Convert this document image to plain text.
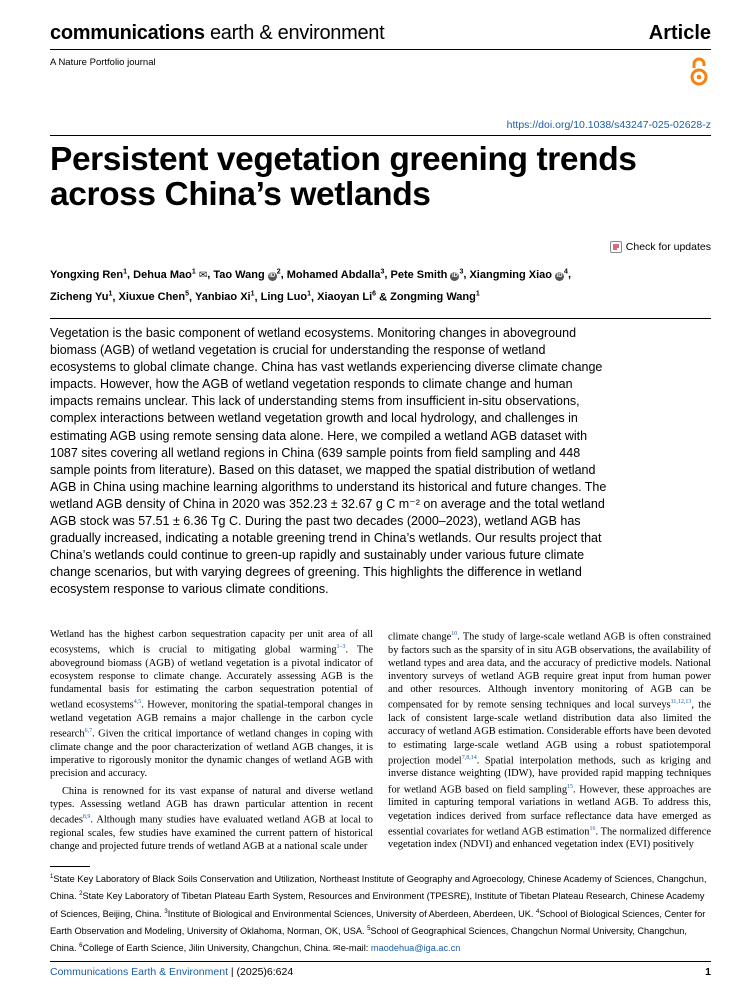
communications earth & environment	Article
A Nature Portfolio journal
https://doi.org/10.1038/s43247-025-02628-z
Persistent vegetation greening trends
across China’s wetlands
Check for updates
Yongxing Ren$^1$, Dehua Mao$^1$ ✉, Tao Wang $iD^2$, Mohamed Abdalla$^3$, Pete Smith $iD^3$, Xiangming Xiao $iD^4$,
Zicheng Yu$^1$, Xiuxue Chen$^5$, Yanbiao Xi$^1$, Ling Luo$^1$, Xiaoyan Li$^6$ & Zongming Wang$^1$

Vegetation is the basic component of wetland ecosystems. Monitoring changes in aboveground biomass (AGB) of wetland vegetation is crucial for understanding the response of wetland ecosystems to global climate change. China has vast wetlands experiencing diverse climate change impacts. However, how the AGB of wetland vegetation responds to climate change and human impacts remains unclear. This lack of understanding stems from insufficient in-situ observations, complex interactions between wetland vegetation growth and local hydrology, and challenges in estimating AGB using remote sensing data alone. Here, we compiled a wetland AGB dataset with 1087 sites covering all wetland regions in China (639 sample points from field sampling and 448 sample points from literature). Based on this dataset, we mapped the spatial distribution of wetland AGB in China using machine learning algorithms to understand its historical and future changes. The wetland AGB density of China in 2020 was 352.23 ± 32.67 g C m⁻² on average and the total wetland AGB stock was 57.51 ± 6.36 Tg C. During the past two decades (2000–2023), wetland AGB has gradually increased, indicating a notable greening trend in China’s wetlands. Our results project that China’s wetlands could continue to green-up rapidly and sustainably under various future climate change scenarios, but with varying degrees of greening. This highlights the difference in wetland ecosystem response to various climate conditions.

Wetland has the highest carbon sequestration capacity per unit area of all ecosystems, which is crucial to mitigating global warming$^{1-3}$. The aboveground biomass (AGB) of wetland vegetation is a pivotal indicator of ecosystem response to climate change. Accurately assessing AGB is the fundamental basis for estimating the carbon sequestration potential of wetland ecosystems$^{4,5}$. However, monitoring the spatial-temporal changes in wetland vegetation AGB remains a major challenge in the carbon cycle research$^{6,7}$. Given the critical importance of wetland changes in coping with climate change and the poor characterization of wetland AGB changes, it is imperative to rigorously monitor the dynamic changes of wetland AGB with precision and accuracy.

China is renowned for its vast expanse of natural and diverse wetland types. Assessing wetland AGB has drawn particular attention in recent decades$^{8,9}$. Although many studies have evaluated wetland AGB at local to regional scales, few studies have examined the current pattern of historical change and projected future trends of wetland AGB at a national scale under

climate change$^{10}$. The study of large-scale wetland AGB is often constrained by factors such as the sparsity of in situ AGB observations, the availability of wetland types and area data, and the accuracy of predictive models. National inventory surveys of wetland AGB require great input from human power and other resources. Although inventory monitoring of AGB can be compensated for by remote sensing techniques and local surveys$^{11,12,13}$, the lack of consistent large-scale wetland distribution data also limited the accuracy of wetland AGB estimation. Considerable efforts have been devoted to estimating large-scale wetland AGB using a robust spatiotemporal projection model$^{7,8,14}$. Spatial interpolation methods, such as kriging and inverse distance weighting (IDW), have provided rapid mapping techniques for wetland AGB based on field sampling$^{15}$. However, these approaches are limited in capturing temporal variations in wetland AGB. To address this, vegetation indices derived from surface reflectance data have emerged as essential covariates for wetland AGB estimation$^{16}$. The normalized difference vegetation index (NDVI) and enhanced vegetation index (EVI) positively

$^1$State Key Laboratory of Black Soils Conservation and Utilization, Northeast Institute of Geography and Agroecology, Chinese Academy of Sciences, Changchun, China. $^2$State Key Laboratory of Tibetan Plateau Earth System, Resources and Environment (TPESRE), Institute of Tibetan Plateau Research, Chinese Academy of Sciences, Beijing, China. $^3$Institute of Biological and Environmental Sciences, University of Aberdeen, Aberdeen, UK. $^4$School of Biological Sciences, Center for Earth Observation and Modeling, University of Oklahoma, Norman, OK, USA. $^5$School of Geographical Sciences, Changchun Normal University, Changchun, China. $^6$College of Earth Science, Jilin University, Changchun, China. ✉e-mail: maodehua@iga.ac.cn

Communications Earth & Environment | (2025)6:624	1
